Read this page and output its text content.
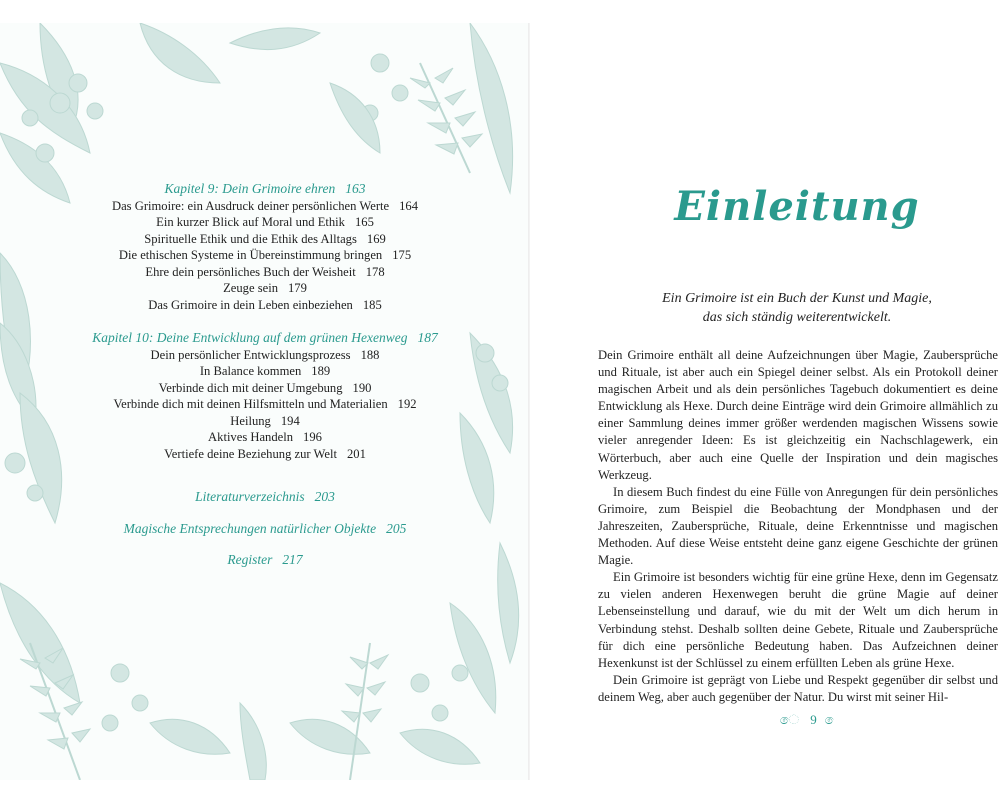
Kapitel 9: Dein Grimoire ehren 163

Das Grimoire: ein Ausdruck deiner persönlichen Werte 164

Ein kurzer Blick auf Moral und Ethik 165

Spirituelle Ethik und die Ethik des Alltags 169

Die ethischen Systeme in Übereinstimmung bringen 175

Ehre dein persönliches Buch der Weisheit 178

Zeuge sein 179

Das Grimoire in dein Leben einbeziehen 185

Kapitel 10: Deine Entwicklung auf dem grünen Hexenweg 187

Dein persönlicher Entwicklungsprozess 188

In Balance kommen 189

Verbinde dich mit deiner Umgebung 190

Verbinde dich mit deinen Hilfsmitteln und Materialien 192

Heilung 194

Aktives Handeln 196

Vertiefe deine Beziehung zur Welt 201

Literaturverzeichnis 203

Magische Entsprechungen natürlicher Objekte 205

Register 217

Einleitung
Ein Grimoire ist ein Buch der Kunst und Magie,
das sich ständig weiterentwickelt.

Dein Grimoire enthält all deine Aufzeichnungen über Magie, Zaubersprüche und Rituale, ist aber auch ein Spiegel deiner selbst. Als ein Protokoll deiner magischen Arbeit und als dein persönliches Tagebuch dokumentiert es deine Entwicklung als Hexe. Durch deine Einträge wird dein Grimoire allmählich zu einer Sammlung deines immer größer werdenden magischen Wissens sowie vieler anregender Ideen: Es ist gleichzeitig ein Nachschlagewerk, ein Wörterbuch, aber auch eine Quelle der Inspiration und dein magisches Werkzeug.

In diesem Buch findest du eine Fülle von Anregungen für dein persönliches Grimoire, zum Beispiel die Beobachtung der Mondphasen und der Jahreszeiten, Zaubersprüche, Rituale, deine Erkenntnisse und magischen Methoden. Auf diese Weise entsteht deine ganz eigene Geschichte der grünen Magie.

Ein Grimoire ist besonders wichtig für eine grüne Hexe, denn im Gegensatz zu vielen anderen Hexenwegen beruht die grüne Magie auf deiner Lebenseinstellung und darauf, wie du mit der Welt um dich herum in Verbindung stehst. Deshalb sollten deine Gebete, Rituale und Zaubersprüche für dich eine persönliche Bedeutung haben. Das Aufzeichnen deiner Hexenkunst ist der Schlüssel zu einem erfüllten Leben als grüne Hexe.

Dein Grimoire ist geprägt von Liebe und Respekt gegenüber dir selbst und deinem Weg, aber auch gegenüber der Natur. Du wirst mit seiner Hil-

ෙ 9
